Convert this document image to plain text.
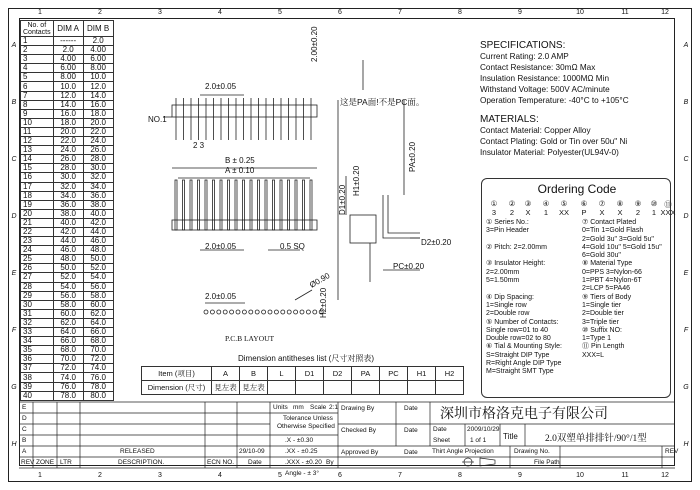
1
1
2
2
3
3
4
4
5
5
6
6
7
7
8
8
9
9
10
10
11
11
12
12
A	A
B	B
C	C
D	D
E	E
F	F
G	G
H	H
No. of Contacts	DIM A	DIM B
1	------	2.0
2	2.0	4.00
3	4.00	6.00
4	6.00	8.00
5	8.00	10.0
6	10.0	12.0
7	12.0	14.0
8	14.0	16.0
9	16.0	18.0
10	18.0	20.0
11	20.0	22.0
12	22.0	24.0
13	24.0	26.0
14	26.0	28.0
15	28.0	30.0
16	30.0	32.0
17	32.0	34.0
18	34.0	36.0
19	36.0	38.0
20	38.0	40.0
21	40.0	42.0
22	42.0	44.0
23	44.0	46.0
24	46.0	48.0
25	48.0	50.0
26	50.0	52.0
27	52.0	54.0
28	54.0	56.0
29	56.0	58.0
30	58.0	60.0
31	60.0	62.0
32	62.0	64.0
33	64.0	66.0
34	66.0	68.0
35	68.0	70.0
36	70.0	72.0
37	72.0	74.0
38	74.0	76.0
39	76.0	78.0
40	78.0	80.0
2.0±0.05
NO.1
2 3
这是PA面!不是PC面。
B ± 0.25
A ± 0.10
2.0±0.05	0.5 SQ
2.00±0.20
PA±0.20
H1±0.20
D1±0.20
D2±0.20
PC±0.20
H2±0.20
2.0±0.05
Ø0.90
P.C.B LAYOUT
SPECIFICATIONS:
Current Rating: 2.0 AMP
Contact Resistance: 30mΩ Max
Insulation Resistance: 1000MΩ Min
Withstand Voltage: 500V AC/minute
Operation Temperature: -40°C to +105°C
MATERIALS:
Contact Material: Copper Alloy
Contact Plating: Gold or Tin over 50u" Ni
Insulator Material: Polyester(UL94V-0)
Ordering Code
①
3
②
2
③
X
④
1
⑤
XX
⑥
P
⑦
X
⑧
X
⑨
2
⑩
1
⑪
XXX
① Series No.:
3=Pin Header
② Pitch: 2=2.00mm
③ Insulator Height:
2=2.00mm
5=1.50mm
④ Dip Spacing:
1=Single row
2=Double row
⑤ Number of Contacts:
Single row=01 to 40
Double row=02 to 80
⑥ Tial & Mounting Style:
S=Straight DIP Type
R=Right Angle DIP Type
M=Straight SMT Type
⑦ Contact Plated
0=Tin 1=Gold Flash
2=Gold 3u" 3=Gold 5u"
4=Gold 10u" 5=Gold 15u"
6=Gold 30u"
⑧ Material Type
0=PPS 3=Nylon-66
1=PBT 4=Nylon-6T
2=LCP 5=PA46
⑨ Tiers of Body
1=Single tier
2=Double tier
3=Triple tier
⑩ Suffix NO:
1=Type 1
⑪ Pin Length
XXX=L
Dimension antitheses list (尺寸对照表)
Item (项目)	A	B	L	D1	D2	PA	PC	H1	H2
Dimension (尺寸)	見左表	見左表							
Units mm Scale 2:1
Tolerance Unless
Otherwise Specified
.X - ±0.30
.XX - ±0.25
.XXX - ±0.20
Angle - ± 3°
Drawing By
Checked By
Approved By
Date
Date
Date
深圳市格洛克电子有限公司
Date	2009/10/29
Sheet	1 of 1 Title	2.0双塑单排排针/90°/1型
Thirt Angle Projection	Drawing No.
File Path
REV
RELEASED	29/10-09
REV ZONE LTR	DESCRIPTION.	ECN NO. Date	By
E
D
C
B
A
